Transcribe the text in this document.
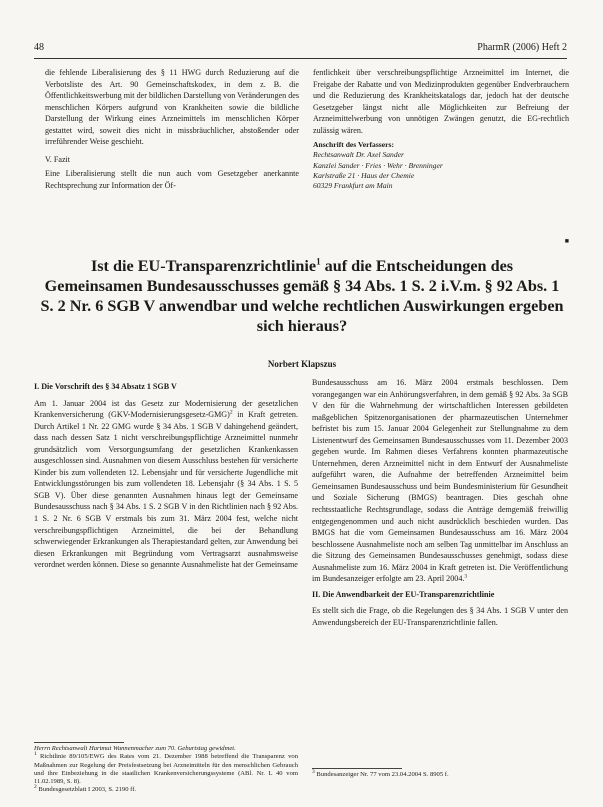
48	PharmR (2006) Heft 2

die fehlende Liberalisierung des § 11 HWG durch Reduzierung auf die Verbotsliste des Art. 90 Gemeinschaftskodex, in dem z. B. die Öffentlichkeitswerbung mit der bildlichen Darstellung von Veränderungen des menschlichen Körpers aufgrund von Krankheiten sowie die bildliche Darstellung der Wirkung eines Arzneimittels im menschlichen Körper gestattet wird, soweit dies nicht in missbräuchlicher, abstoßender oder irreführender Weise geschieht.

V. Fazit

Eine Liberalisierung stellt die nun auch vom Gesetzgeber anerkannte Rechtsprechung zur Information der Öf-

fentlichkeit über verschreibungspflichtige Arzneimittel im Internet, die Freigabe der Rabatte und von Medizinprodukten gegenüber Endverbrauchern und die Reduzierung des Krankheitskatalogs dar, jedoch hat der deutsche Gesetzgeber längst nicht alle Möglichkeiten zur Befreiung der Arzneimittelwerbung von unnötigen Zwängen genutzt, die EG-rechtlich zulässig wären.

Anschrift des Verfassers:
Rechtsanwalt Dr. Axel Sander
Kanzlei Sander · Fries · Wehr · Brenninger
Karlstraße 21 · Haus der Chemie
60329 Frankfurt am Main
■
Ist die EU-Transparenzrichtlinie$^1$ auf die Entscheidungen des Gemeinsamen Bundesausschusses gemäß § 34 Abs. 1 S. 2 i.V.m. § 92 Abs. 1 S. 2 Nr. 6 SGB V anwendbar und welche rechtlichen Auswirkungen ergeben sich hieraus?
Norbert Klapszus

I. Die Vorschrift des § 34 Absatz 1 SGB V

Am 1. Januar 2004 ist das Gesetz zur Modernisierung der gesetzlichen Krankenversicherung (GKV-Modernisierungsgesetz-GMG)$^2$ in Kraft getreten. Durch Artikel 1 Nr. 22 GMG wurde § 34 Abs. 1 SGB V dahingehend geändert, dass nach dessen Satz 1 nicht verschreibungspflichtige Arzneimittel nunmehr grundsätzlich vom Versorgungsumfang der gesetzlichen Krankenkassen ausgeschlossen sind. Ausnahmen von diesem Ausschluss bestehen für versicherte Kinder bis zum vollendeten 12. Lebensjahr und für versicherte Jugendliche mit Entwicklungsstörungen bis zum vollendeten 18. Lebensjahr (§ 34 Abs. 1 S. 5 SGB V). Über diese genannten Ausnahmen hinaus legt der Gemeinsame Bundesausschuss nach § 34 Abs. 1 S. 2 SGB V in den Richtlinien nach § 92 Abs. 1 S. 2 Nr. 6 SGB V erstmals bis zum 31. März 2004 fest, welche nicht verschreibungspflichtigen Arzneimittel, die bei der Behandlung schwerwiegender Erkrankungen als Therapiestandard gelten, zur Anwendung bei diesen Erkrankungen mit Begründung vom Vertragsarzt ausnahmsweise verordnet werden können. Diese so genannte Ausnahmeliste hat der Gemeinsame

Bundesausschuss am 16. März 2004 erstmals beschlossen. Dem vorangegangen war ein Anhörungsverfahren, in dem gemäß § 92 Abs. 3a SGB V den für die Wahrnehmung der wirtschaftlichen Interessen gebildeten maßgeblichen Spitzenorganisationen der pharmazeutischen Unternehmer befristet bis zum 15. Januar 2004 Gelegenheit zur Stellungnahme zu dem Listenentwurf des Gemeinsamen Bundesausschusses vom 11. Dezember 2003 gegeben wurde. Im Rahmen dieses Verfahrens konnten pharmazeutische Unternehmen, deren Arzneimittel nicht in dem Entwurf der Ausnahmeliste aufgeführt waren, die Aufnahme der betreffenden Arzneimittel beim Gemeinsamen Bundesausschuss und beim Bundesministerium für Gesundheit und Soziale Sicherung (BMGS) beantragen. Dies geschah ohne rechtsstaatliche Rechtsgrundlage, sodass die Anträge demgemäß freiwillig entgegengenommen und auch nicht ausdrücklich beschieden wurden. Das BMGS hat die vom Gemeinsamen Bundesausschuss am 16. März 2004 beschlossene Ausnahmeliste noch am selben Tag unmittelbar im Anschluss an die Sitzung des Gemeinsamen Bundesausschusses genehmigt, sodass diese Ausnahmeliste zum 16. März 2004 in Kraft getreten ist. Die Veröffentlichung im Bundesanzeiger erfolgte am 23. April 2004.$^3$

II. Die Anwendbarkeit der EU-Transparenzrichtlinie

Es stellt sich die Frage, ob die Regelungen des § 34 Abs. 1 SGB V unter den Anwendungsbereich der EU-Transparenzrichtlinie fallen.

Herrn Rechtsanwalt Hartmut Wannenmacher zum 70. Geburtstag gewidmet.
$^1$ Richtlinie 89/105/EWG des Rates vom 21. Dezember 1988 betreffend die Transparenz von Maßnahmen zur Regelung der Preisfestsetzung bei Arzneimitteln für den menschlichen Gebrauch und ihre Einbeziehung in die staatlichen Krankenversicherungssysteme (ABl. Nr. L 40 vom 11.02.1989, S. 8).
$^2$ Bundesgesetzblatt I 2003, S. 2190 ff.
$^3$ Bundesanzeiger Nr. 77 vom 23.04.2004 S. 8905 f.
